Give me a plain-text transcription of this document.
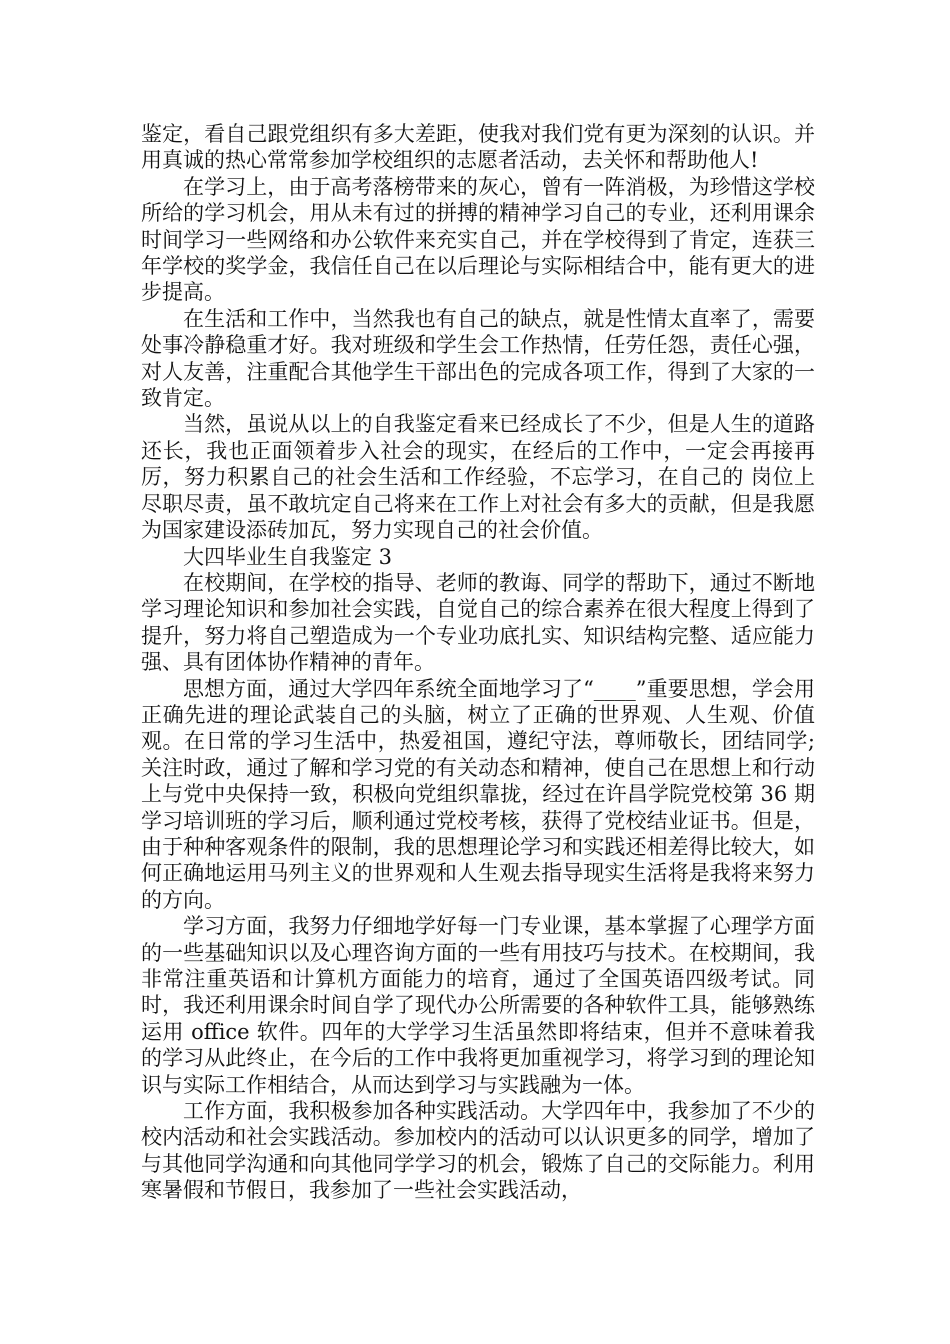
鉴定，看自己跟党组织有多大差距，使我对我们党有更为深刻的认识。并用真诚的热心常常参加学校组织的志愿者活动，去关怀和帮助他人!

在学习上，由于高考落榜带来的灰心，曾有一阵消极，为珍惜这学校所给的学习机会，用从未有过的拼搏的精神学习自己的专业，还利用课余时间学习一些网络和办公软件来充实自己，并在学校得到了肯定，连获三年学校的奖学金，我信任自己在以后理论与实际相结合中，能有更大的进步提高。

在生活和工作中，当然我也有自己的缺点，就是性情太直率了，需要处事冷静稳重才好。我对班级和学生会工作热情，任劳任怨，责任心强，对人友善，注重配合其他学生干部出色的完成各项工作，得到了大家的一致肯定。

当然，虽说从以上的自我鉴定看来已经成长了不少，但是人生的道路还长，我也正面领着步入社会的现实，在经后的工作中，一定会再接再厉，努力积累自己的社会生活和工作经验，不忘学习，在自己的 岗位上尽职尽责，虽不敢坑定自己将来在工作上对社会有多大的贡献，但是我愿为国家建设添砖加瓦，努力实现自己的社会价值。

大四毕业生自我鉴定 3

在校期间，在学校的指导、老师的教诲、同学的帮助下，通过不断地学习理论知识和参加社会实践，自觉自己的综合素养在很大程度上得到了提升，努力将自己塑造成为一个专业功底扎实、知识结构完整、适应能力强、具有团体协作精神的青年。

思想方面，通过大学四年系统全面地学习了“____”重要思想，学会用正确先进的理论武装自己的头脑，树立了正确的世界观、人生观、价值观。在日常的学习生活中，热爱祖国，遵纪守法，尊师敬长，团结同学;关注时政，通过了解和学习党的有关动态和精神，使自己在思想上和行动上与党中央保持一致，积极向党组织靠拢，经过在许昌学院党校第 36 期学习培训班的学习后，顺利通过党校考核，获得了党校结业证书。但是，由于种种客观条件的限制，我的思想理论学习和实践还相差得比较大，如何正确地运用马列主义的世界观和人生观去指导现实生活将是我将来努力的方向。

学习方面，我努力仔细地学好每一门专业课，基本掌握了心理学方面的一些基础知识以及心理咨询方面的一些有用技巧与技术。在校期间，我非常注重英语和计算机方面能力的培育，通过了全国英语四级考试。同时，我还利用课余时间自学了现代办公所需要的各种软件工具，能够熟练运用 office 软件。四年的大学学习生活虽然即将结束，但并不意味着我的学习从此终止，在今后的工作中我将更加重视学习，将学习到的理论知识与实际工作相结合，从而达到学习与实践融为一体。

工作方面，我积极参加各种实践活动。大学四年中，我参加了不少的校内活动和社会实践活动。参加校内的活动可以认识更多的同学，增加了与其他同学沟通和向其他同学学习的机会，锻炼了自己的交际能力。利用寒暑假和节假日，我参加了一些社会实践活动，
